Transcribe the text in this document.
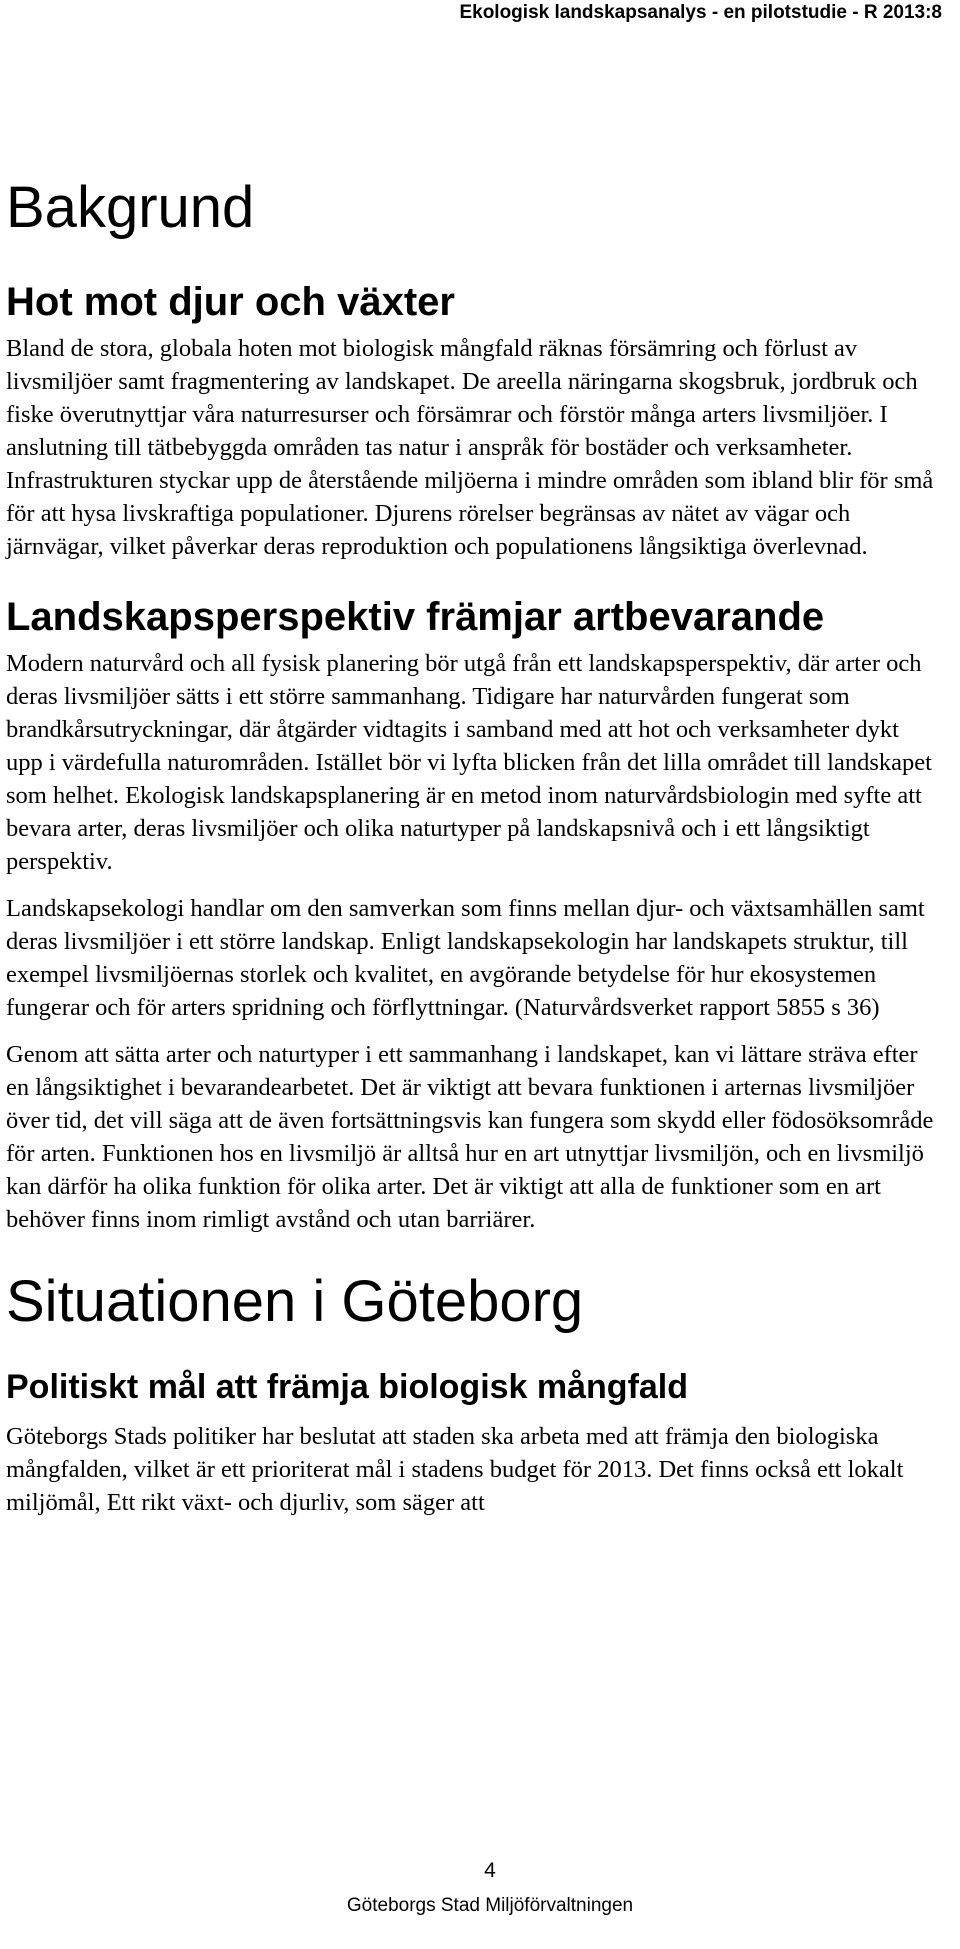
Ekologisk landskapsanalys - en pilotstudie - R 2013:8
Bakgrund
Hot mot djur och växter

Bland de stora, globala hoten mot biologisk mångfald räknas försämring och förlust av livsmiljöer samt fragmentering av landskapet. De areella näringarna skogsbruk, jordbruk och fiske överutnyttjar våra naturresurser och försämrar och förstör många arters livsmiljöer. I anslutning till tätbebyggda områden tas natur i anspråk för bostäder och verksamheter. Infrastrukturen styckar upp de återstående miljöerna i mindre områden som ibland blir för små för att hysa livskraftiga populationer. Djurens rörelser begränsas av nätet av vägar och järnvägar, vilket påverkar deras reproduktion och populationens långsiktiga överlevnad.

Landskapsperspektiv främjar artbevarande

Modern naturvård och all fysisk planering bör utgå från ett landskapsperspektiv, där arter och deras livsmiljöer sätts i ett större sammanhang. Tidigare har naturvården fungerat som brandkårsutryckningar, där åtgärder vidtagits i samband med att hot och verksamheter dykt upp i värdefulla naturområden. Istället bör vi lyfta blicken från det lilla området till landskapet som helhet. Ekologisk landskapsplanering är en metod inom naturvårdsbiologin med syfte att bevara arter, deras livsmiljöer och olika naturtyper på landskapsnivå och i ett långsiktigt perspektiv.

Landskapsekologi handlar om den samverkan som finns mellan djur- och växtsamhällen samt deras livsmiljöer i ett större landskap. Enligt landskapsekologin har landskapets struktur, till exempel livsmiljöernas storlek och kvalitet, en avgörande betydelse för hur ekosystemen fungerar och för arters spridning och förflyttningar. (Naturvårdsverket rapport 5855 s 36)

Genom att sätta arter och naturtyper i ett sammanhang i landskapet, kan vi lättare sträva efter en långsiktighet i bevarandearbetet. Det är viktigt att bevara funktionen i arternas livsmiljöer över tid, det vill säga att de även fortsättningsvis kan fungera som skydd eller födosöksområde för arten. Funktionen hos en livsmiljö är alltså hur en art utnyttjar livsmiljön, och en livsmiljö kan därför ha olika funktion för olika arter. Det är viktigt att alla de funktioner som en art behöver finns inom rimligt avstånd och utan barriärer.

Situationen i Göteborg
Politiskt mål att främja biologisk mångfald

Göteborgs Stads politiker har beslutat att staden ska arbeta med att främja den biologiska mångfalden, vilket är ett prioriterat mål i stadens budget för 2013. Det finns också ett lokalt miljömål, Ett rikt växt- och djurliv, som säger att

4
Göteborgs Stad Miljöförvaltningen
